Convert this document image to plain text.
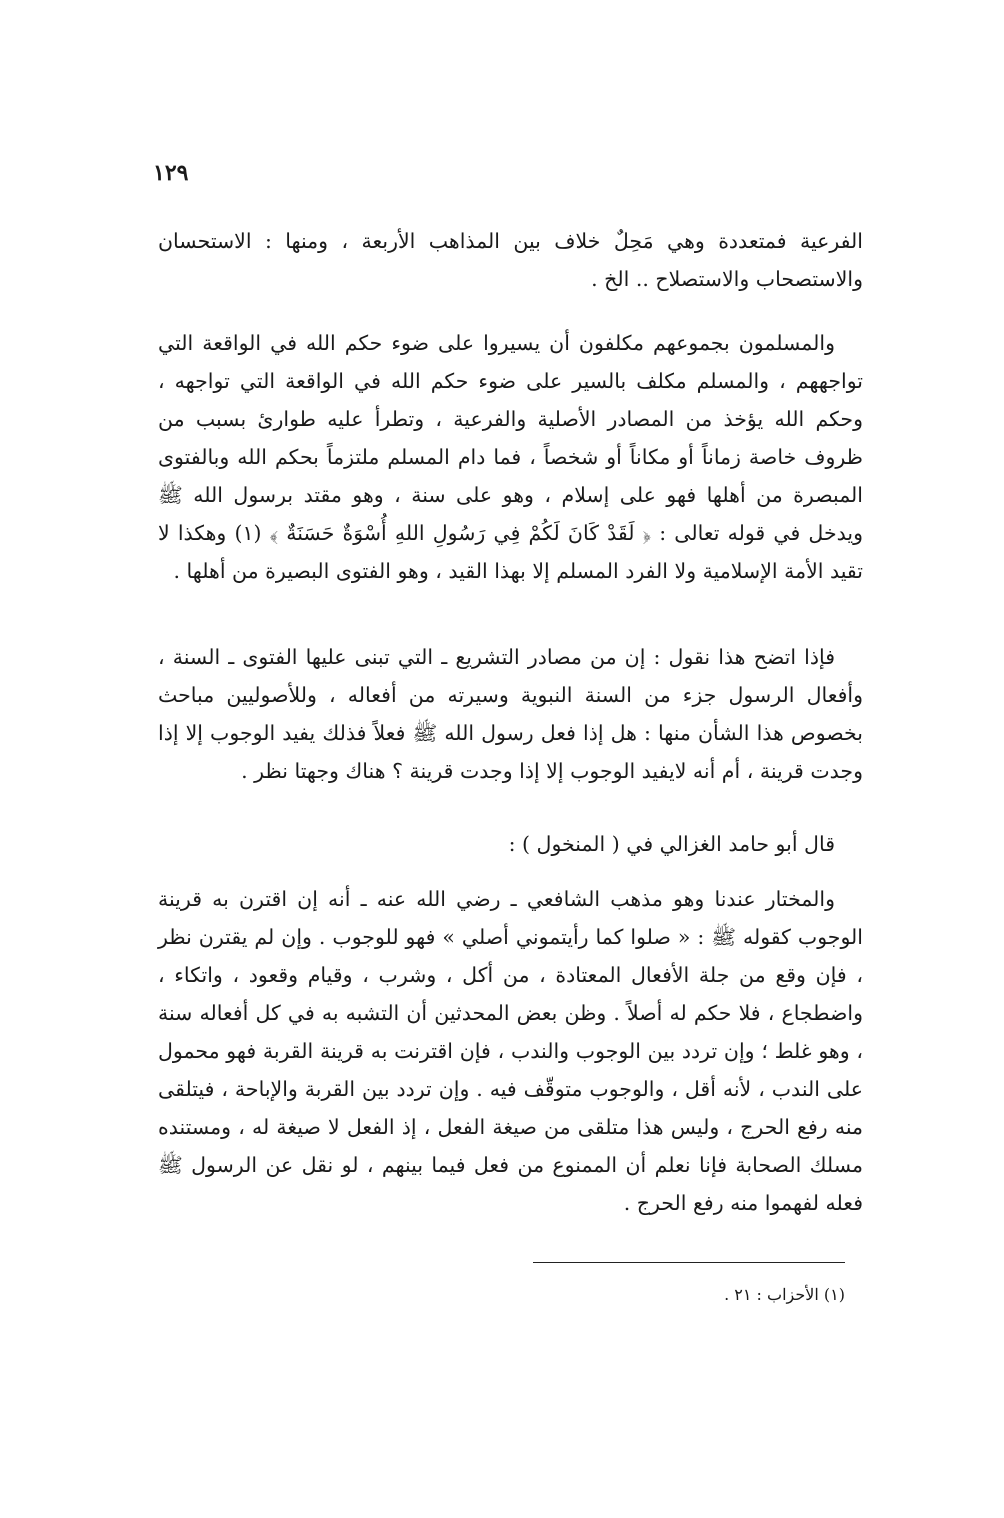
١٢٩

الفرعية فمتعددة وهي مَحِلٌ خلاف بين المذاهب الأربعة ، ومنها : الاستحسان والاستصحاب والاستصلاح .. الخ .

والمسلمون بجموعهم مكلفون أن يسيروا على ضوء حكم الله في الواقعة التي تواجههم ، والمسلم مكلف بالسير على ضوء حكم الله في الواقعة التي تواجهه ، وحكم الله يؤخذ من المصادر الأصلية والفرعية ، وتطرأ عليه طوارئ بسبب من ظروف خاصة زماناً أو مكاناً أو شخصاً ، فما دام المسلم ملتزماً بحكم الله وبالفتوى المبصرة من أهلها فهو على إسلام ، وهو على سنة ، وهو مقتد برسول الله ﷺ ويدخل في قوله تعالى : ﴿ لَقَدْ كَانَ لَكُمْ فِي رَسُولِ اللهِ أُسْوَةٌ حَسَنَةٌ ﴾ (١) وهكذا لا تقيد الأمة الإسلامية ولا الفرد المسلم إلا بهذا القيد ، وهو الفتوى البصيرة من أهلها .

فإذا اتضح هذا نقول : إن من مصادر التشريع ـ التي تبنى عليها الفتوى ـ السنة ، وأفعال الرسول جزء من السنة النبوية وسيرته من أفعاله ، وللأصوليين مباحث بخصوص هذا الشأن منها : هل إذا فعل رسول الله ﷺ فعلاً فذلك يفيد الوجوب إلا إذا وجدت قرينة ، أم أنه لايفيد الوجوب إلا إذا وجدت قرينة ؟ هناك وجهتا نظر .

قال أبو حامد الغزالي في ( المنخول ) :

والمختار عندنا وهو مذهب الشافعي ـ رضي الله عنه ـ أنه إن اقترن به قرينة الوجوب كقوله ﷺ : « صلوا كما رأيتموني أصلي » فهو للوجوب . وإن لم يقترن نظر ، فإن وقع من جلة الأفعال المعتادة ، من أكل ، وشرب ، وقيام وقعود ، واتكاء ، واضطجاع ، فلا حكم له أصلاً . وظن بعض المحدثين أن التشبه به في كل أفعاله سنة ، وهو غلط ؛ وإن تردد بين الوجوب والندب ، فإن اقترنت به قرينة القربة فهو محمول على الندب ، لأنه أقل ، والوجوب متوقّف فيه . وإن تردد بين القربة والإباحة ، فيتلقى منه رفع الحرج ، وليس هذا متلقى من صيغة الفعل ، إذ الفعل لا صيغة له ، ومستنده مسلك الصحابة فإنا نعلم أن الممنوع من فعل فيما بينهم ، لو نقل عن الرسول ﷺ فعله لفهموا منه رفع الحرج .

(١) الأحزاب : ٢١ .
